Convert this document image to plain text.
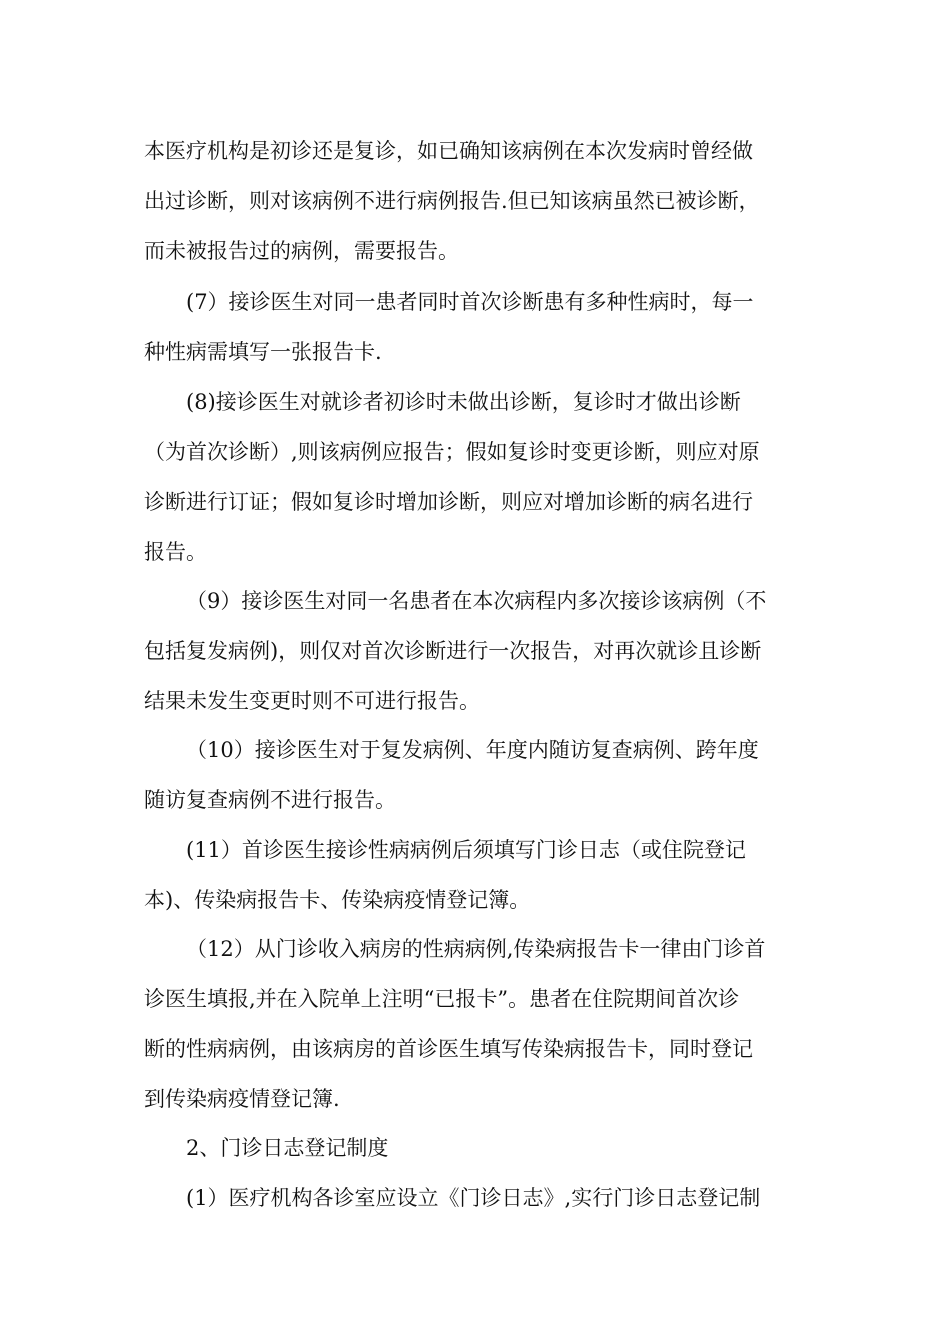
本医疗机构是初诊还是复诊，如已确知该病例在本次发病时曾经做
出过诊断，则对该病例不进行病例报告.但已知该病虽然已被诊断，
而未被报告过的病例，需要报告。
(7）接诊医生对同一患者同时首次诊断患有多种性病时，每一
种性病需填写一张报告卡.
(8)接诊医生对就诊者初诊时未做出诊断，复诊时才做出诊断
（为首次诊断）,则该病例应报告；假如复诊时变更诊断，则应对原
诊断进行订证；假如复诊时增加诊断，则应对增加诊断的病名进行
报告。
（9）接诊医生对同一名患者在本次病程内多次接诊该病例（不
包括复发病例)，则仅对首次诊断进行一次报告，对再次就诊且诊断
结果未发生变更时则不可进行报告。
（10）接诊医生对于复发病例、年度内随访复查病例、跨年度
随访复查病例不进行报告。
(11）首诊医生接诊性病病例后须填写门诊日志（或住院登记
本)、传染病报告卡、传染病疫情登记簿。
（12）从门诊收入病房的性病病例,传染病报告卡一律由门诊首
诊医生填报,并在入院单上注明“已报卡”。患者在住院期间首次诊
断的性病病例，由该病房的首诊医生填写传染病报告卡，同时登记
到传染病疫情登记簿.
2、门诊日志登记制度
(1）医疗机构各诊室应设立《门诊日志》,实行门诊日志登记制
